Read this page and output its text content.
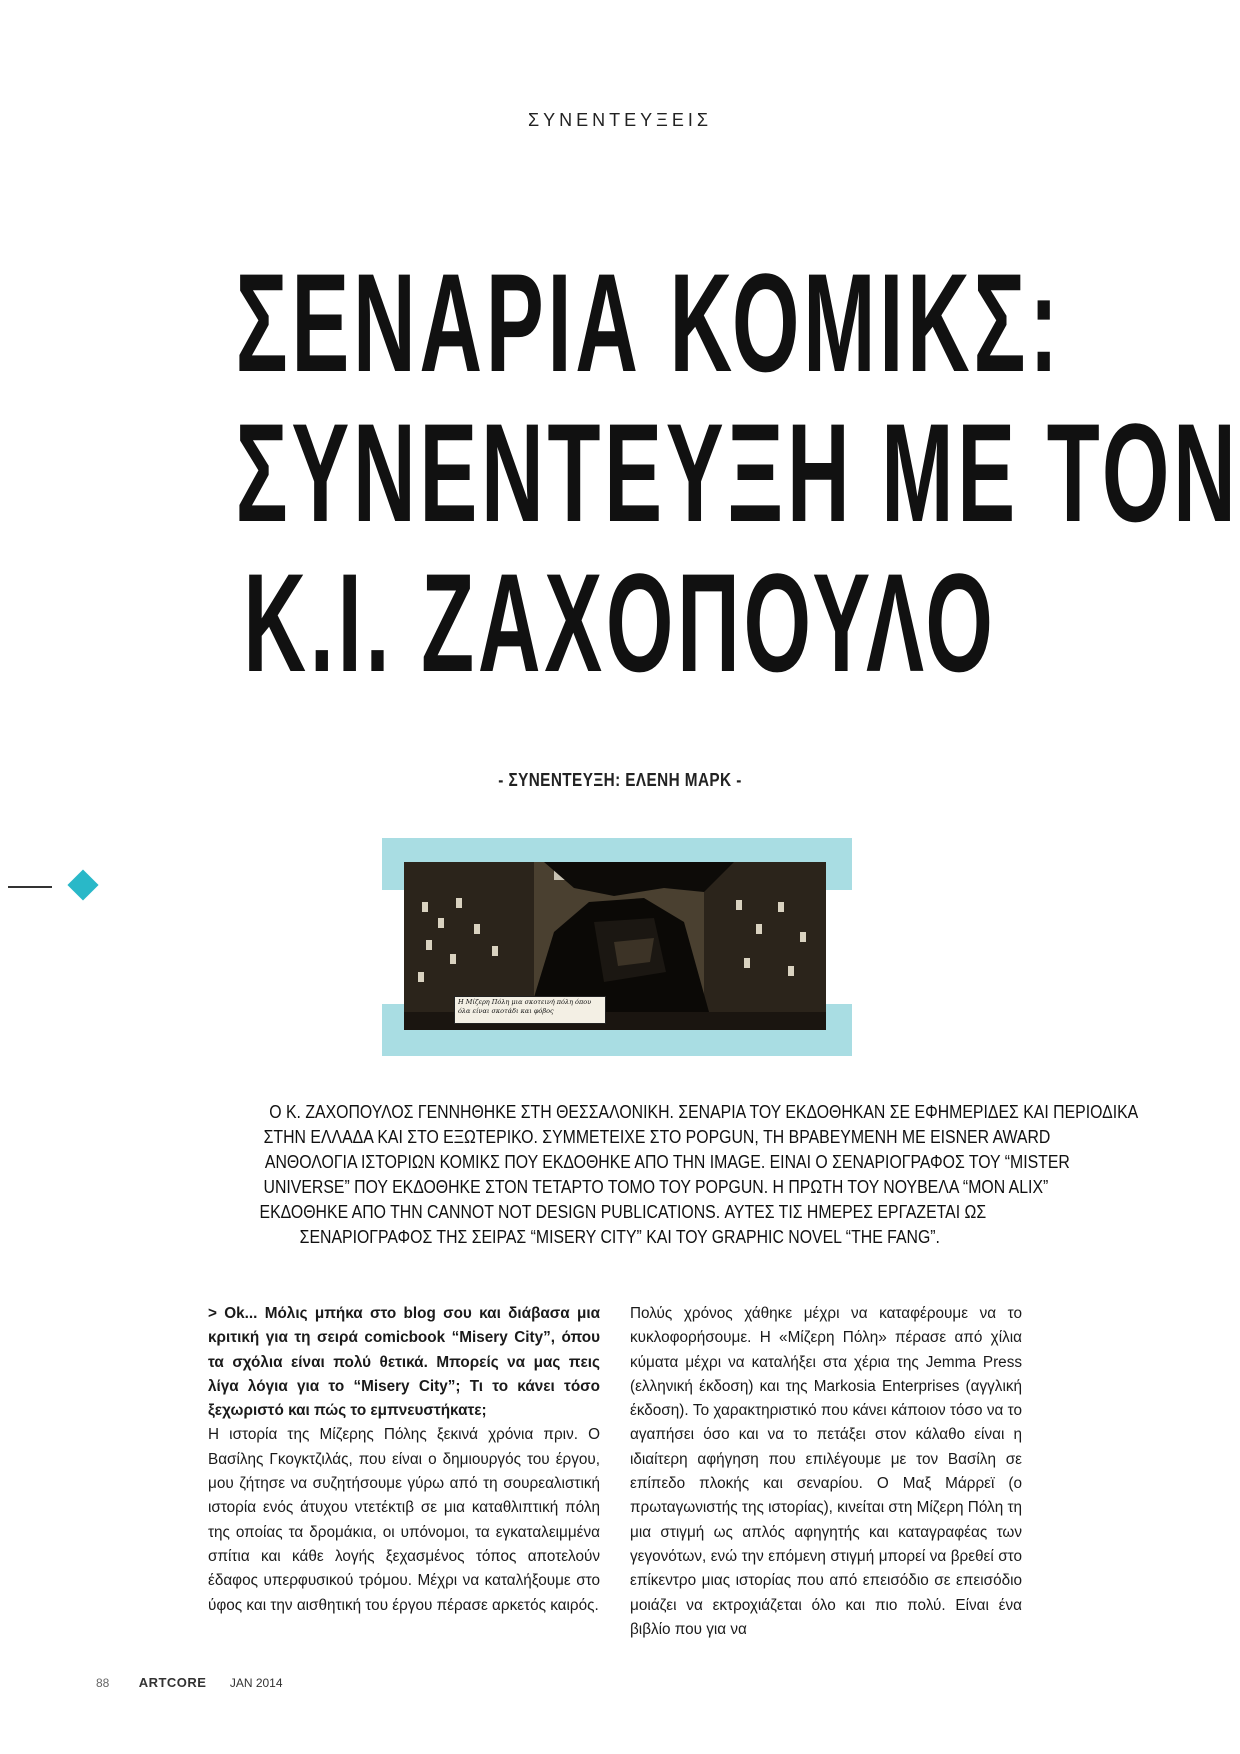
ΣΥΝΕΝΤΕΥΞΕΙΣ
ΣΕΝΑΡΙΑ ΚΟΜΙΚΣ:
ΣΥΝΕΝΤΕΥΞΗ ΜΕ ΤΟΝ
Κ.Ι. ΖΑΧΟΠΟΥΛΟ
- ΣΥΝΕΝΤΕΥΞΗ: ΕΛΕΝΗ ΜΑΡΚ -
Η Μίζερη Πόλη μια σκοτεινή πόλη όπου όλα είναι σκοτάδι και φόβος
Ο Κ. ΖΑΧΟΠΟΥΛΟΣ ΓΕΝΝΗΘΗΚΕ ΣΤΗ ΘΕΣΣΑΛΟΝΙΚΗ. ΣΕΝΑΡΙΑ ΤΟΥ ΕΚΔΟΘΗΚΑΝ ΣΕ ΕΦΗΜΕΡΙΔΕΣ ΚΑΙ ΠΕΡΙΟΔΙΚΑ
ΣΤΗΝ ΕΛΛΑΔΑ ΚΑΙ ΣΤΟ ΕΞΩΤΕΡΙΚΟ. ΣΥΜΜΕΤΕΙΧΕ ΣΤΟ POPGUN, ΤΗ ΒΡΑΒΕΥΜΕΝΗ ΜΕ EISNER AWARD
ΑΝΘΟΛΟΓΙΑ ΙΣΤΟΡΙΩΝ ΚΟΜΙΚΣ ΠΟΥ ΕΚΔΟΘΗΚΕ ΑΠΟ ΤΗΝ IMAGE. ΕΙΝΑΙ Ο ΣΕΝΑΡΙΟΓΡΑΦΟΣ ΤΟΥ “MISTER
UNIVERSE” ΠΟΥ ΕΚΔΟΘΗΚΕ ΣΤΟΝ ΤΕΤΑΡΤΟ ΤΟΜΟ ΤΟΥ POPGUN. Η ΠΡΩΤΗ ΤΟΥ ΝΟΥΒΕΛΑ “MON ALIX”
ΕΚΔΟΘΗΚΕ ΑΠΟ ΤΗΝ CANNOT NOT DESIGN PUBLICATIONS. ΑΥΤΕΣ ΤΙΣ ΗΜΕΡΕΣ ΕΡΓΑΖΕΤΑΙ ΩΣ
ΣΕΝΑΡΙΟΓΡΑΦΟΣ ΤΗΣ ΣΕΙΡΑΣ “MISERY CITY” ΚΑΙ ΤΟΥ GRAPHIC NOVEL “THE FANG”.

> Ok... Μόλις μπήκα στο blog σου και διάβασα μια κριτική για τη σειρά comicbook “Misery City”, όπου τα σχόλια είναι πολύ θετικά. Μπορείς να μας πεις λίγα λόγια για το “Misery City”; Τι το κάνει τόσο ξεχωριστό και πώς το εμπνευστήκατε;

Η ιστορία της Μίζερης Πόλης ξεκινά χρόνια πριν. Ο Βασίλης Γκογκτζιλάς, που είναι ο δημιουργός του έργου, μου ζήτησε να συζητήσουμε γύρω από τη σουρεαλιστική ιστορία ενός άτυχου ντετέκτιβ σε μια καταθλιπτική πόλη της οποίας τα δρομάκια, οι υπόνομοι, τα εγκαταλειμμένα σπίτια και κάθε λογής ξεχασμένος τόπος αποτελούν έδαφος υπερφυσικού τρόμου. Μέχρι να καταλήξουμε στο ύφος και την αισθητική του έργου πέρασε αρκετός καιρός.

Πολύς χρόνος χάθηκε μέχρι να καταφέρουμε να το κυκλοφορήσουμε. Η «Μίζερη Πόλη» πέρασε από χίλια κύματα μέχρι να καταλήξει στα χέρια της Jemma Press (ελληνική έκδοση) και της Markosia Enterprises (αγγλική έκδοση). Το χαρακτηριστικό που κάνει κάποιον τόσο να το αγαπήσει όσο και να το πετάξει στον κάλαθο είναι η ιδιαίτερη αφήγηση που επιλέγουμε με τον Βασίλη σε επίπεδο πλοκής και σεναρίου. Ο Μαξ Μάρρεϊ (ο πρωταγωνιστής της ιστορίας), κινείται στη Μίζερη Πόλη τη μια στιγμή ως απλός αφηγητής και καταγραφέας των γεγονότων, ενώ την επόμενη στιγμή μπορεί να βρεθεί στο επίκεντρο μιας ιστορίας που από επεισόδιο σε επεισόδιο μοιάζει να εκτροχιάζεται όλο και πιο πολύ. Είναι ένα βιβλίο που για να

88 ARTCORE JAN 2014
